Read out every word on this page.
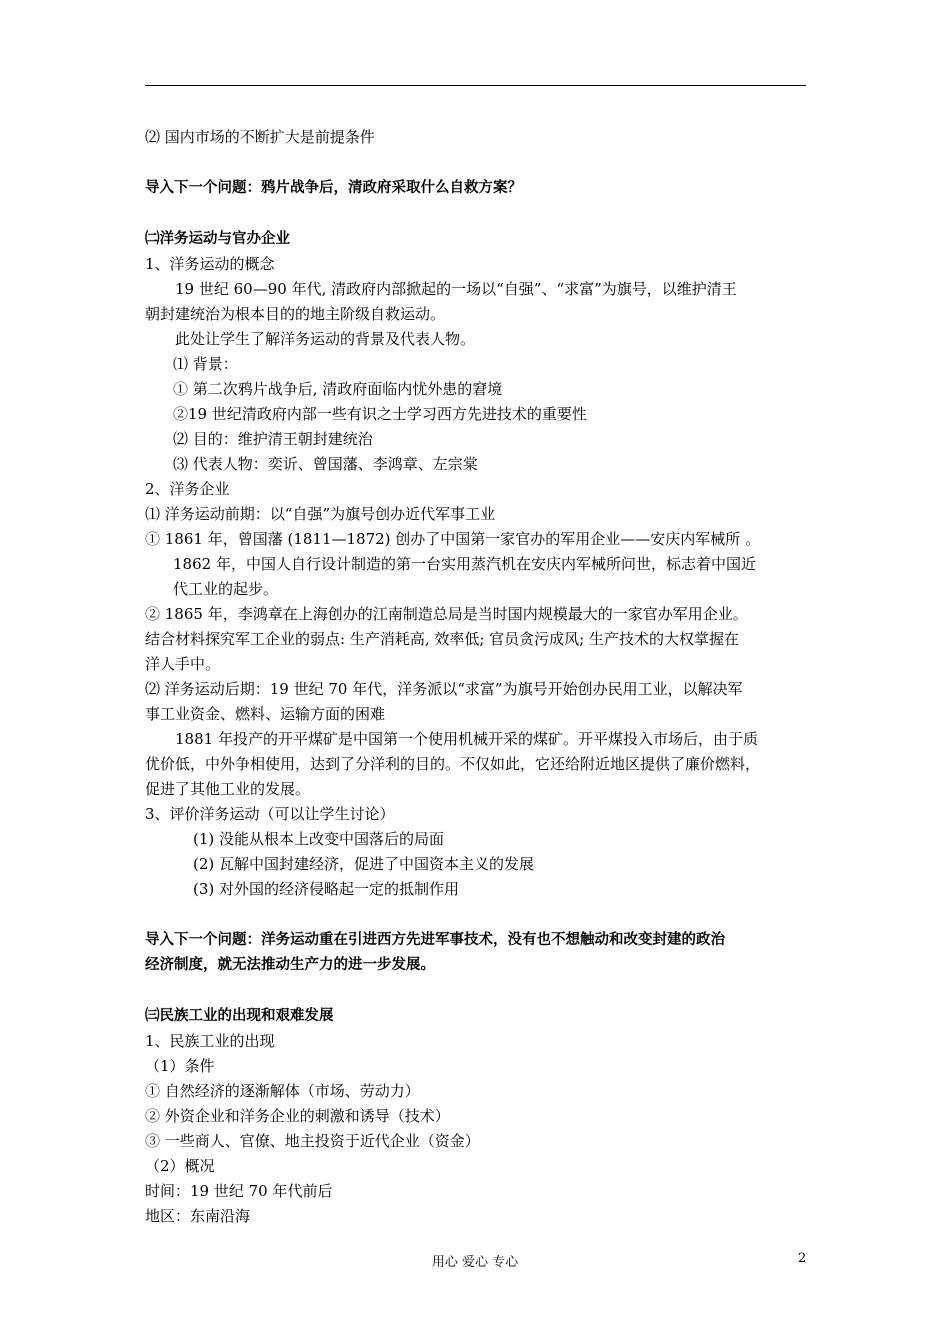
⑵ 国内市场的不断扩大是前提条件
导入下一个问题：鸦片战争后，清政府采取什么自救方案？
㈡洋务运动与官办企业
1、洋务运动的概念
19 世纪 60—90 年代, 清政府内部掀起的一场以“自强”、“求富”为旗号，以维护清王
朝封建统治为根本目的的地主阶级自救运动。
此处让学生了解洋务运动的背景及代表人物。
⑴ 背景：
① 第二次鸦片战争后, 清政府面临内忧外患的窘境
②19 世纪清政府内部一些有识之士学习西方先进技术的重要性
⑵ 目的：维护清王朝封建统治
⑶ 代表人物：奕䜣、曾国藩、李鸿章、左宗棠
2、洋务企业
⑴ 洋务运动前期：以“自强”为旗号创办近代军事工业
① 1861 年，曾国藩 (1811—1872) 创办了中国第一家官办的军用企业——安庆内军械所 。
1862 年，中国人自行设计制造的第一台实用蒸汽机在安庆内军械所问世，标志着中国近
代工业的起步。
② 1865 年，李鸿章在上海创办的江南制造总局是当时国内规模最大的一家官办军用企业。
结合材料探究军工企业的弱点: 生产消耗高, 效率低; 官员贪污成风; 生产技术的大权掌握在
洋人手中。
⑵ 洋务运动后期：19 世纪 70 年代，洋务派以“求富”为旗号开始创办民用工业，以解决军
事工业资金、燃料、运输方面的困难
1881 年投产的开平煤矿是中国第一个使用机械开采的煤矿。开平煤投入市场后，由于质
优价低，中外争相使用，达到了分洋利的目的。不仅如此，它还给附近地区提供了廉价燃料，
促进了其他工业的发展。
3、评价洋务运动（可以让学生讨论）
(1) 没能从根本上改变中国落后的局面
(2) 瓦解中国封建经济，促进了中国资本主义的发展
(3) 对外国的经济侵略起一定的抵制作用
导入下一个问题：洋务运动重在引进西方先进军事技术，没有也不想触动和改变封建的政治
经济制度，就无法推动生产力的进一步发展。
㈢民族工业的出现和艰难发展
1、民族工业的出现
（1）条件
① 自然经济的逐渐解体（市场、劳动力）
② 外资企业和洋务企业的刺激和诱导（技术）
③ 一些商人、官僚、地主投资于近代企业（资金）
（2）概况
时间：19 世纪 70 年代前后
地区：东南沿海
用心 爱心 专心	2
